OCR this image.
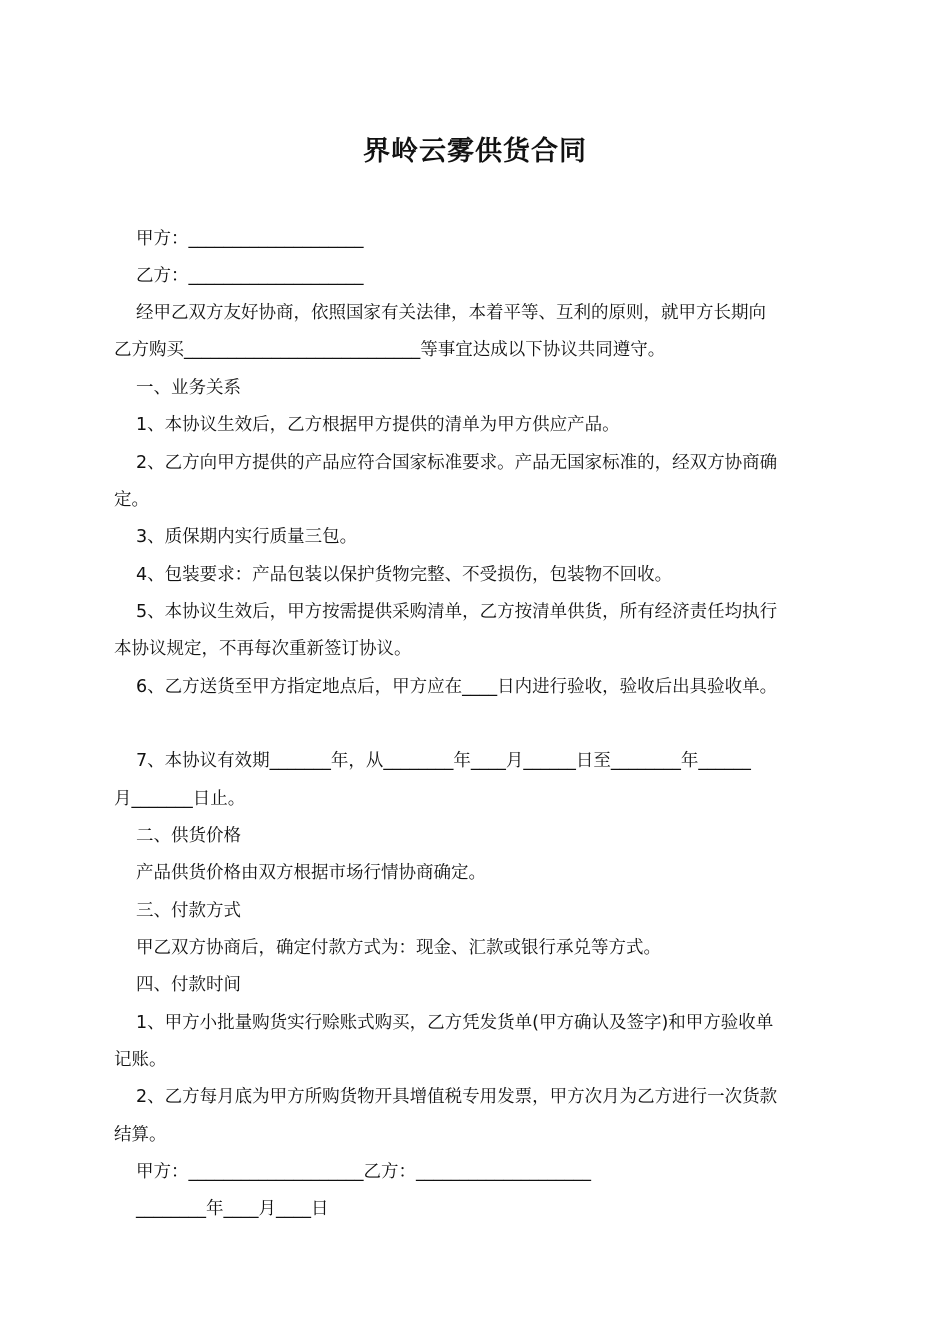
界岭云雾供货合同
甲方：____________________
乙方：____________________
经甲乙双方友好协商，依照国家有关法律，本着平等、互利的原则，就甲方长期向
乙方购买___________________________等事宜达成以下协议共同遵守。
一、业务关系
1、本协议生效后，乙方根据甲方提供的清单为甲方供应产品。
2、乙方向甲方提供的产品应符合国家标准要求。产品无国家标准的，经双方协商确
定。
3、质保期内实行质量三包。
4、包装要求：产品包装以保护货物完整、不受损伤，包装物不回收。
5、本协议生效后，甲方按需提供采购清单，乙方按清单供货，所有经济责任均执行
本协议规定，不再每次重新签订协议。
6、乙方送货至甲方指定地点后，甲方应在____日内进行验收，验收后出具验收单。
7、本协议有效期_______年，从________年____月______日至________年______
月_______日止。
二、供货价格
产品供货价格由双方根据市场行情协商确定。
三、付款方式
甲乙双方协商后，确定付款方式为：现金、汇款或银行承兑等方式。
四、付款时间
1、甲方小批量购货实行赊账式购买，乙方凭发货单(甲方确认及签字)和甲方验收单
记账。
2、乙方每月底为甲方所购货物开具增值税专用发票，甲方次月为乙方进行一次货款
结算。
甲方：____________________乙方：____________________
________年____月____日
